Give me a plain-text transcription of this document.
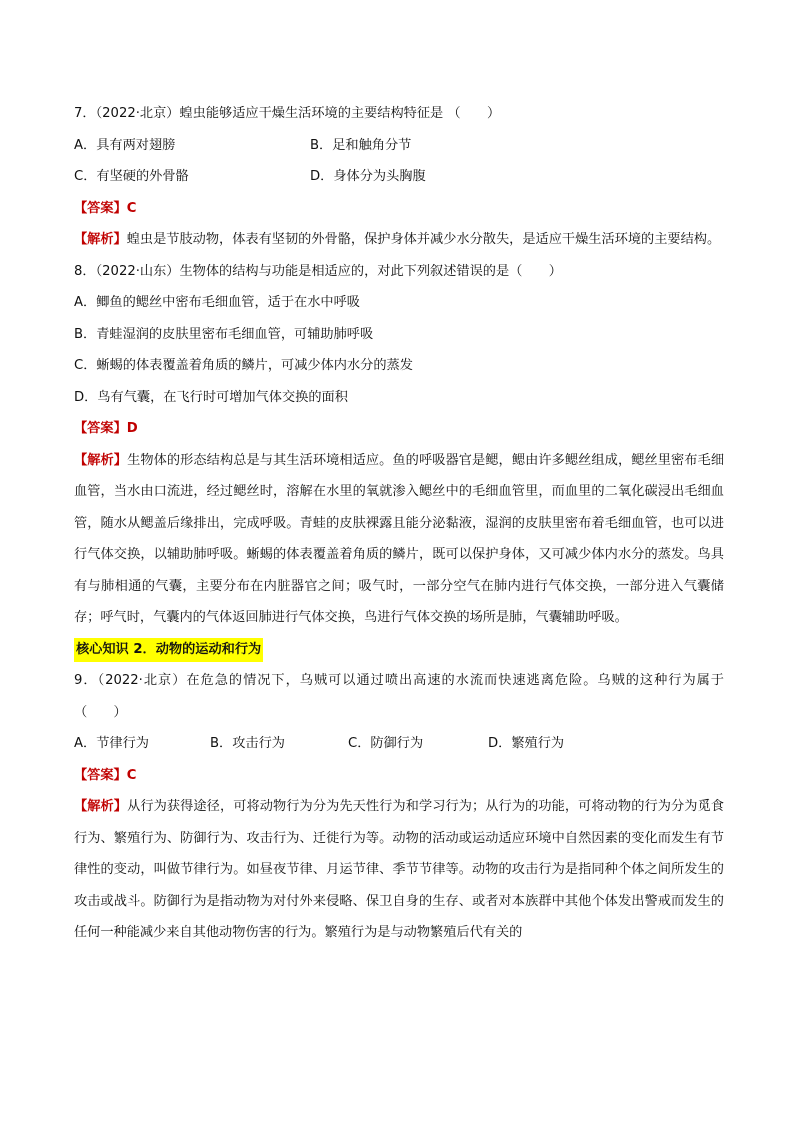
7．（2022·北京）蝗虫能够适应干燥生活环境的主要结构特征是 （　　）
A．具有两对翅膀	B．足和触角分节
C．有坚硬的外骨骼	D．身体分为头胸腹
【答案】C
【解析】蝗虫是节肢动物，体表有坚韧的外骨骼，保护身体并减少水分散失，是适应干燥生活环境的主要结构。
8．（2022·山东）生物体的结构与功能是相适应的，对此下列叙述错误的是（　　）
A．鲫鱼的鳃丝中密布毛细血管，适于在水中呼吸
B．青蛙湿润的皮肤里密布毛细血管，可辅助肺呼吸
C．蜥蜴的体表覆盖着角质的鳞片，可减少体内水分的蒸发
D．鸟有气囊，在飞行时可增加气体交换的面积
【答案】D
【解析】生物体的形态结构总是与其生活环境相适应。鱼的呼吸器官是鳃，鳃由许多鳃丝组成，鳃丝里密布毛细血管，当水由口流进，经过鳃丝时，溶解在水里的氧就渗入鳃丝中的毛细血管里，而血里的二氧化碳浸出毛细血管，随水从鳃盖后缘排出，完成呼吸。青蛙的皮肤裸露且能分泌黏液，湿润的皮肤里密布着毛细血管，也可以进行气体交换，以辅助肺呼吸。蜥蜴的体表覆盖着角质的鳞片，既可以保护身体，又可减少体内水分的蒸发。鸟具有与肺相通的气囊，主要分布在内脏器官之间；吸气时，一部分空气在肺内进行气体交换，一部分进入气囊储存；呼气时，气囊内的气体返回肺进行气体交换，鸟进行气体交换的场所是肺，气囊辅助呼吸。
核心知识 2．动物的运动和行为
9．（2022·北京）在危急的情况下，乌贼可以通过喷出高速的水流而快速逃离危险。乌贼的这种行为属于（　　）
A．节律行为	B．攻击行为	C．防御行为	D．繁殖行为
【答案】C
【解析】从行为获得途径，可将动物行为分为先天性行为和学习行为；从行为的功能，可将动物的行为分为觅食行为、繁殖行为、防御行为、攻击行为、迁徙行为等。动物的活动或运动适应环境中自然因素的变化而发生有节律性的变动，叫做节律行为。如昼夜节律、月运节律、季节节律等。动物的攻击行为是指同种个体之间所发生的攻击或战斗。防御行为是指动物为对付外来侵略、保卫自身的生存、或者对本族群中其他个体发出警戒而发生的任何一种能减少来自其他动物伤害的行为。繁殖行为是与动物繁殖后代有关的
